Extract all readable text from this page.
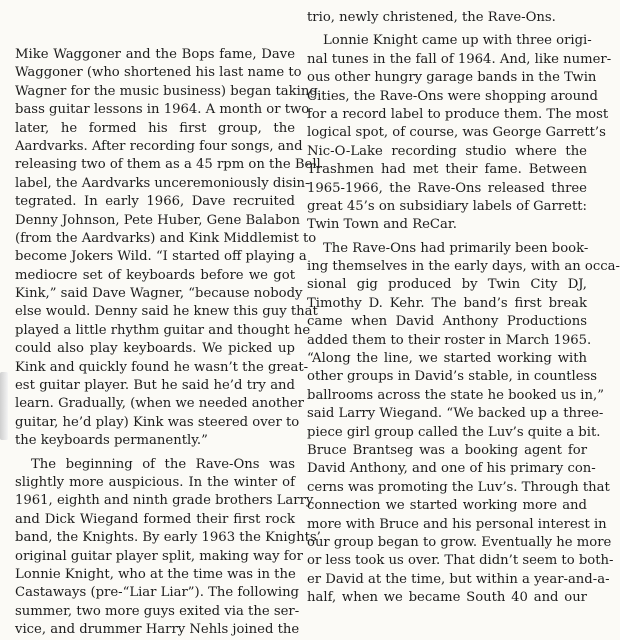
Mike Waggoner and the Bops fame, Dave
Waggoner (who shortened his last name to
Wagner for the music business) began taking
bass guitar lessons in 1964. A month or two
later, he formed his first group, the
Aardvarks. After recording four songs, and
releasing two of them as a 45 rpm on the Bell
label, the Aardvarks unceremoniously disin-
tegrated. In early 1966, Dave recruited
Denny Johnson, Pete Huber, Gene Balabon
(from the Aardvarks) and Kink Middlemist to
become Jokers Wild. “I started off playing a
mediocre set of keyboards before we got
Kink,” said Dave Wagner, “because nobody
else would. Denny said he knew this guy that
played a little rhythm guitar and thought he
could also play keyboards. We picked up
Kink and quickly found he wasn’t the great-
est guitar player. But he said he’d try and
learn. Gradually, (when we needed another
guitar, he’d play) Kink was steered over to
the keyboards permanently.”
The beginning of the Rave-Ons was
slightly more auspicious. In the winter of
1961, eighth and ninth grade brothers Larry
and Dick Wiegand formed their first rock
band, the Knights. By early 1963 the Knights’
original guitar player split, making way for
Lonnie Knight, who at the time was in the
Castaways (pre-“Liar Liar”). The following
summer, two more guys exited via the ser-
vice, and drummer Harry Nehls joined the
trio, newly christened, the Rave-Ons.
Lonnie Knight came up with three origi-
nal tunes in the fall of 1964. And, like numer-
ous other hungry garage bands in the Twin
Cities, the Rave-Ons were shopping around
for a record label to produce them. The most
logical spot, of course, was George Garrett’s
Nic-O-Lake recording studio where the
Trashmen had met their fame. Between
1965-1966, the Rave-Ons released three
great 45’s on subsidiary labels of Garrett:
Twin Town and ReCar.
The Rave-Ons had primarily been book-
ing themselves in the early days, with an occa-
sional gig produced by Twin City DJ,
Timothy D. Kehr. The band’s first break
came when David Anthony Productions
added them to their roster in March 1965.
“Along the line, we started working with
other groups in David’s stable, in countless
ballrooms across the state he booked us in,”
said Larry Wiegand. “We backed up a three-
piece girl group called the Luv’s quite a bit.
Bruce Brantseg was a booking agent for
David Anthony, and one of his primary con-
cerns was promoting the Luv’s. Through that
connection we started working more and
more with Bruce and his personal interest in
our group began to grow. Eventually he more
or less took us over. That didn’t seem to both-
er David at the time, but within a year-and-a-
half, when we became South 40 and our
